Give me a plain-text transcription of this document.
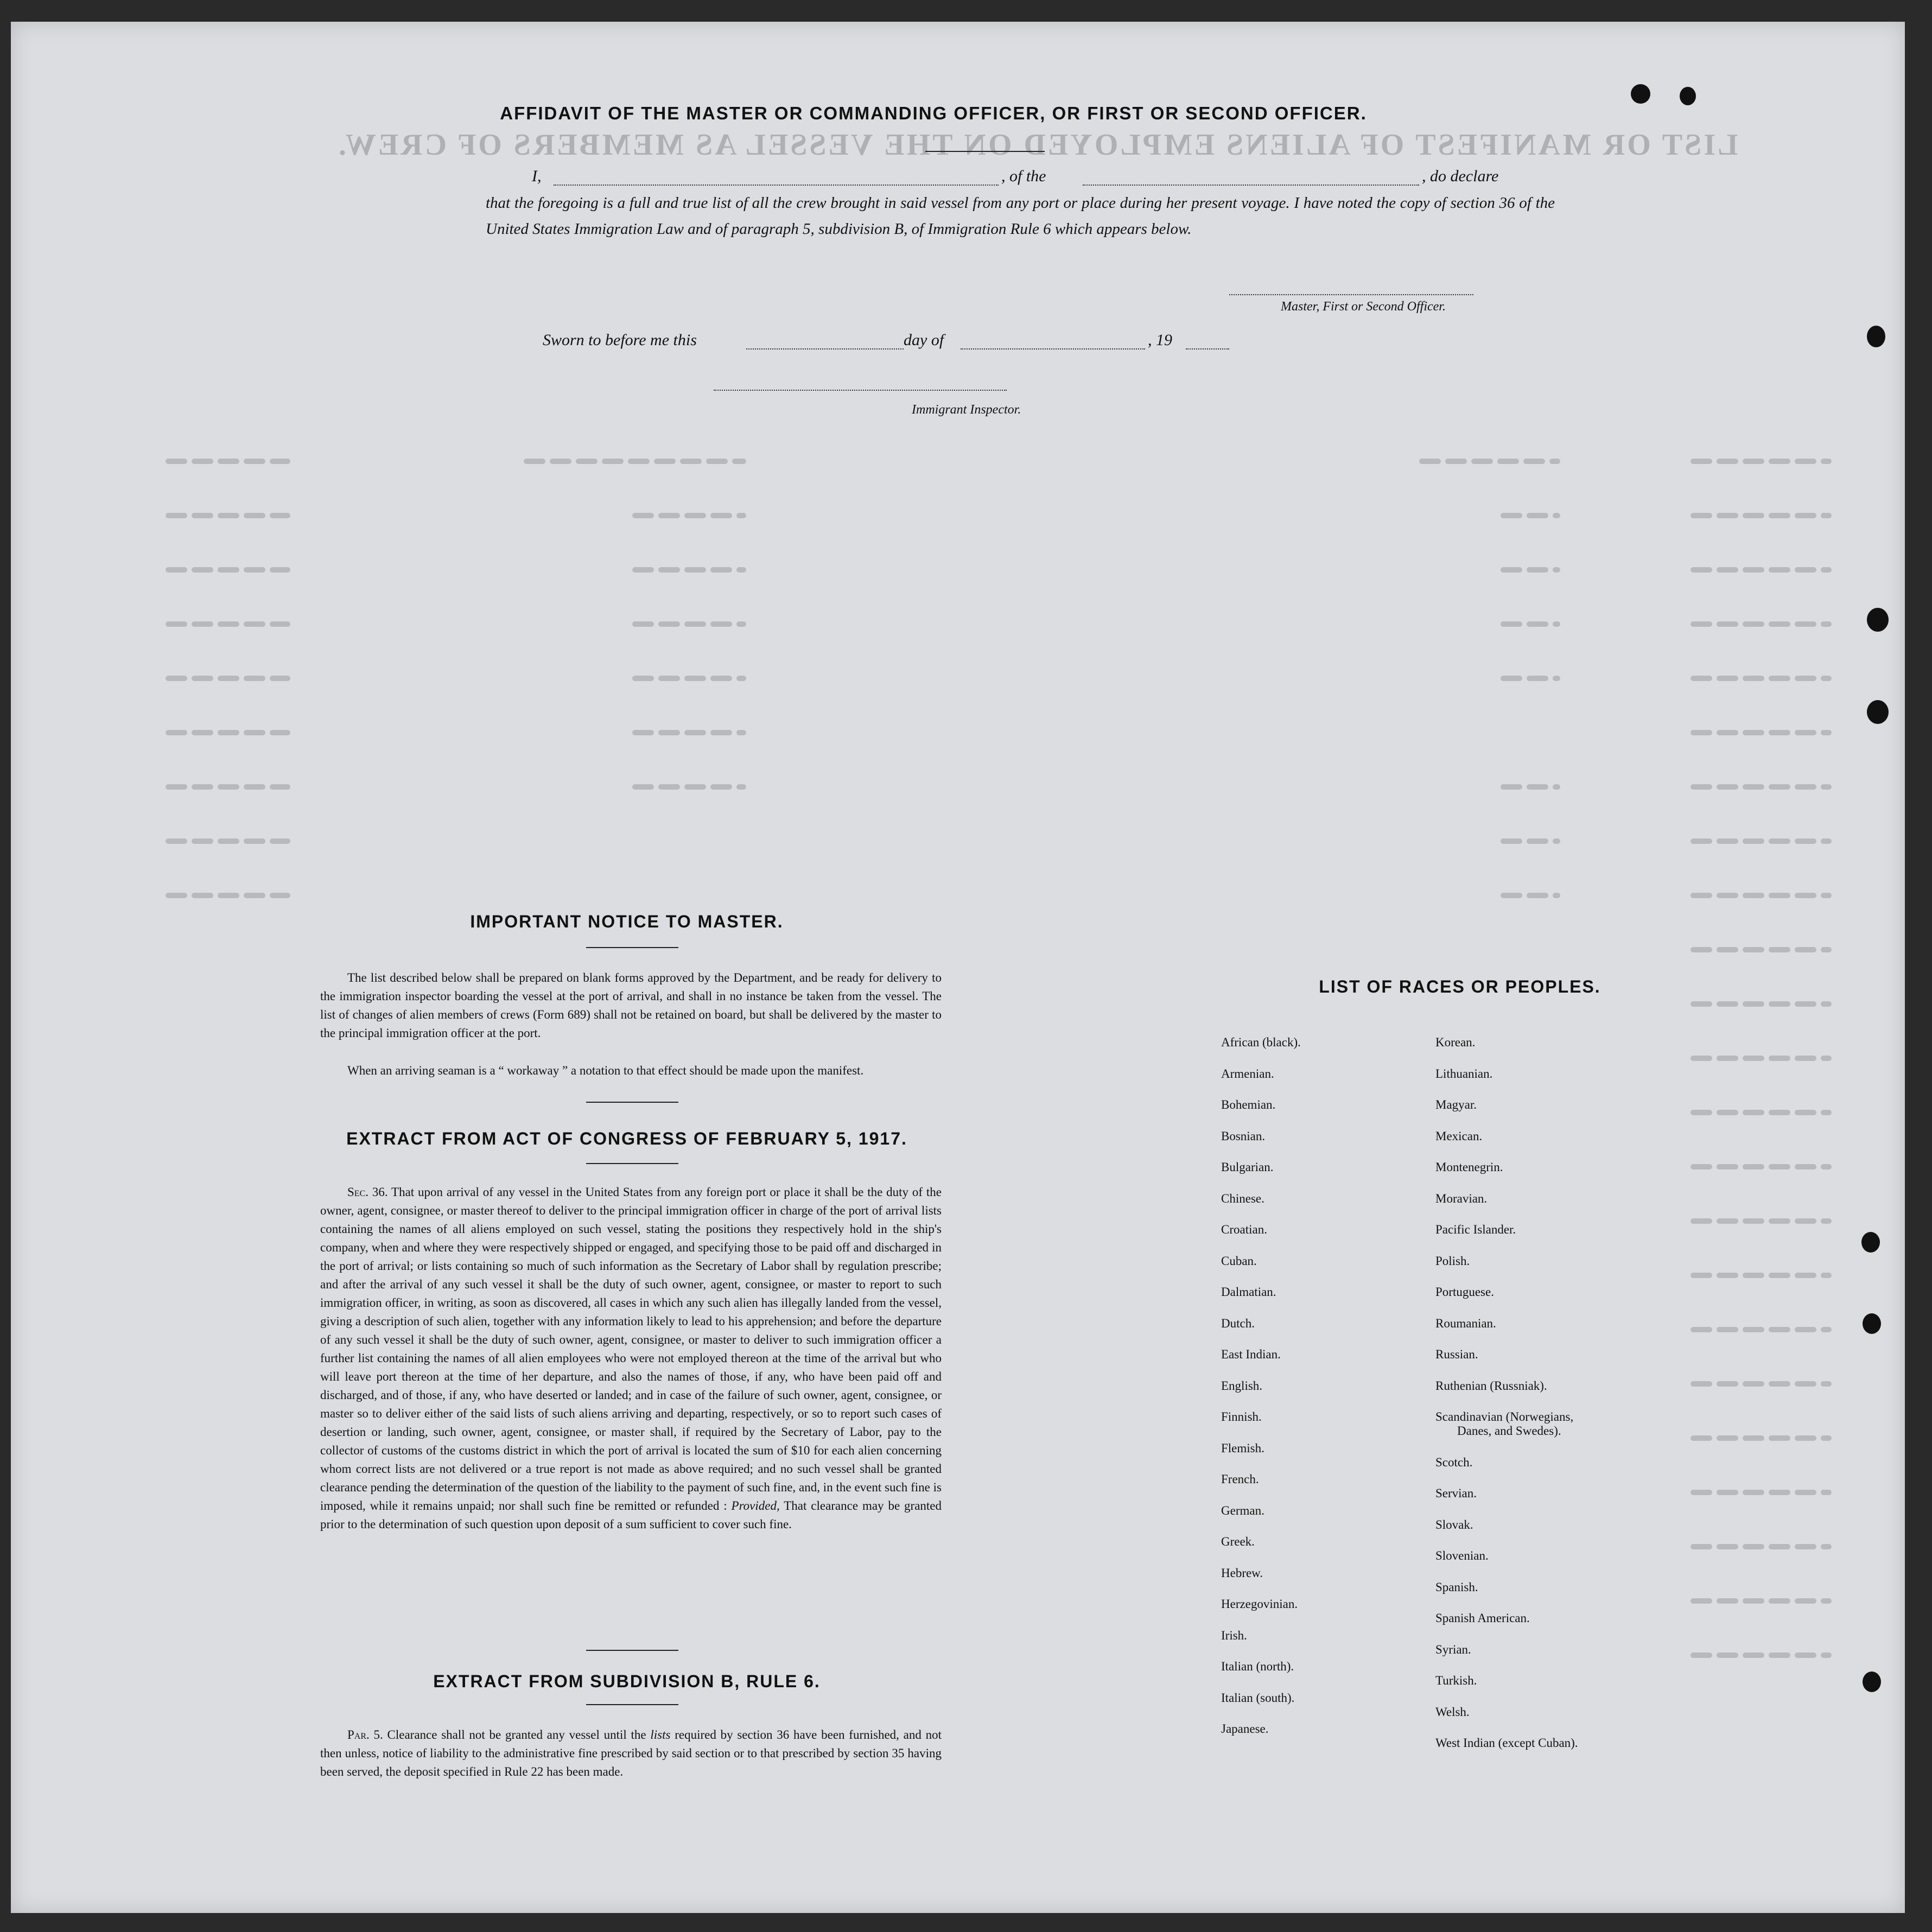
LIST OR MANIFEST OF ALIENS EMPLOYED ON THE VESSEL AS MEMBERS OF CREW.
AFFIDAVIT OF THE MASTER OR COMMANDING OFFICER, OR FIRST OR SECOND OFFICER.
I,	, of the	, do declare
that the foregoing is a full and true list of all the crew brought in said vessel from any port or place during her present voyage. I have noted the copy of section 36 of the United States Immigration Law and of paragraph 5, subdivision B, of Immigration Rule 6 which appears below.
Master, First or Second Officer.
Sworn to before me this	day of	, 19
Immigrant Inspector.
IMPORTANT NOTICE TO MASTER.
The list described below shall be prepared on blank forms approved by the Department, and be ready for delivery to the immigration inspector boarding the vessel at the port of arrival, and shall in no instance be taken from the vessel. The list of changes of alien members of crews (Form 689) shall not be retained on board, but shall be delivered by the master to the principal immigration officer at the port.
When an arriving seaman is a “ workaway ” a notation to that effect should be made upon the manifest.
EXTRACT FROM ACT OF CONGRESS OF FEBRUARY 5, 1917.
Sec. 36. That upon arrival of any vessel in the United States from any foreign port or place it shall be the duty of the owner, agent, consignee, or master thereof to deliver to the principal immigration officer in charge of the port of arrival lists containing the names of all aliens employed on such vessel, stating the positions they respectively hold in the ship's company, when and where they were respectively shipped or engaged, and specifying those to be paid off and discharged in the port of arrival; or lists containing so much of such information as the Secretary of Labor shall by regulation prescribe; and after the arrival of any such vessel it shall be the duty of such owner, agent, consignee, or master to report to such immigration officer, in writing, as soon as discovered, all cases in which any such alien has illegally landed from the vessel, giving a description of such alien, together with any information likely to lead to his apprehension; and before the departure of any such vessel it shall be the duty of such owner, agent, consignee, or master to deliver to such immigration officer a further list containing the names of all alien employees who were not employed thereon at the time of the arrival but who will leave port thereon at the time of her departure, and also the names of those, if any, who have been paid off and discharged, and of those, if any, who have deserted or landed; and in case of the failure of such owner, agent, consignee, or master so to deliver either of the said lists of such aliens arriving and departing, respectively, or so to report such cases of desertion or landing, such owner, agent, consignee, or master shall, if required by the Secretary of Labor, pay to the collector of customs of the customs district in which the port of arrival is located the sum of $10 for each alien concerning whom correct lists are not delivered or a true report is not made as above required; and no such vessel shall be granted clearance pending the determination of the question of the liability to the payment of such fine, and, in the event such fine is imposed, while it remains unpaid; nor shall such fine be remitted or refunded : Provided, That clearance may be granted prior to the determination of such question upon deposit of a sum sufficient to cover such fine.
EXTRACT FROM SUBDIVISION B, RULE 6.
Par. 5. Clearance shall not be granted any vessel until the lists required by section 36 have been furnished, and not then unless, notice of liability to the administrative fine prescribed by said section or to that prescribed by section 35 having been served, the deposit specified in Rule 22 has been made.
LIST OF RACES OR PEOPLES.
African (black).
Armenian.
Bohemian.
Bosnian.
Bulgarian.
Chinese.
Croatian.
Cuban.
Dalmatian.
Dutch.
East Indian.
English.
Finnish.
Flemish.
French.
German.
Greek.
Hebrew.
Herzegovinian.
Irish.
Italian (north).
Italian (south).
Japanese.
Korean.
Lithuanian.
Magyar.
Mexican.
Montenegrin.
Moravian.
Pacific Islander.
Polish.
Portuguese.
Roumanian.
Russian.
Ruthenian (Russniak).
Scandinavian (Norwegians,
Danes, and Swedes).
Scotch.
Servian.
Slovak.
Slovenian.
Spanish.
Spanish American.
Syrian.
Turkish.
Welsh.
West Indian (except Cuban).
